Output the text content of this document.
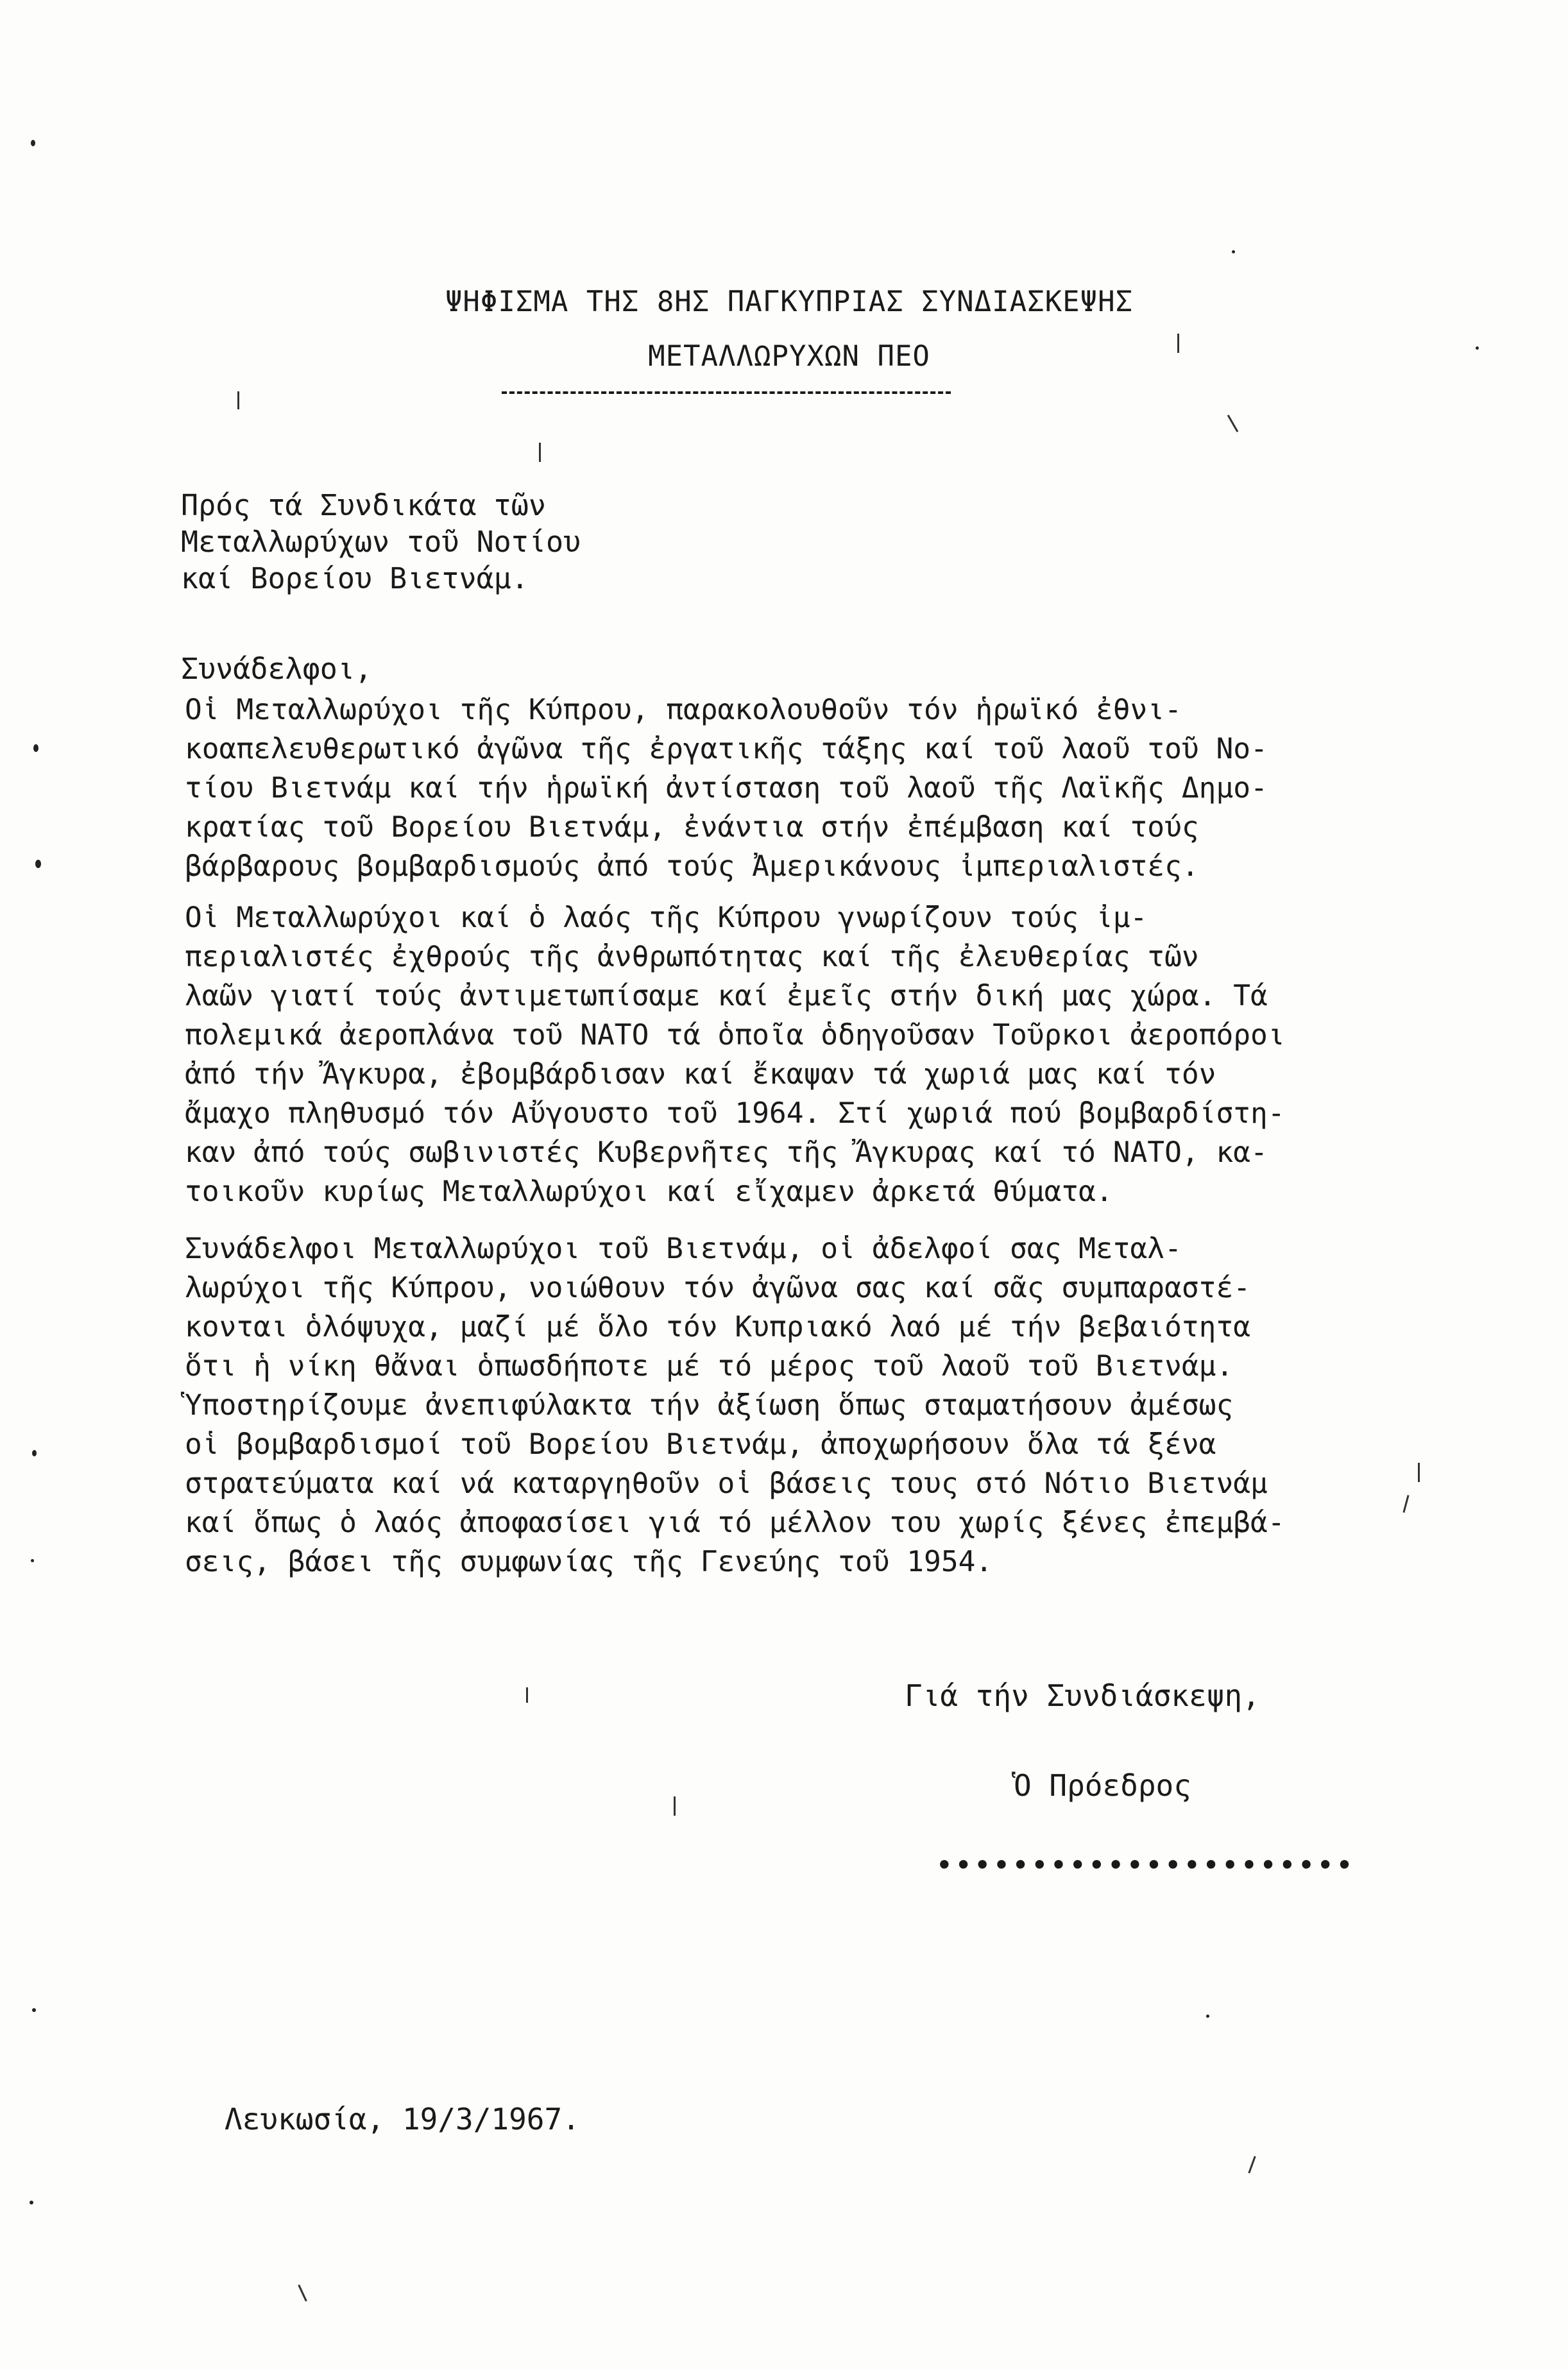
ΨΗΦΙΣΜΑ ΤΗΣ 8ΗΣ ΠΑΓΚΥΠΡΙΑΣ ΣΥΝΔΙΑΣΚΕΨΗΣ
ΜΕΤΑΛΛΩΡΥΧΩΝ ΠΕΟ
Πρός τά Συνδικάτα τῶν
Μεταλλωρύχων τοῦ Νοτίου
καί Βορείου Βιετνάμ.
Συνάδελφοι,
Οἱ Μεταλλωρύχοι τῆς Κύπρου, παρακολουθοῦν τόν ἡρωϊκό ἐθνι-
κοαπελευθερωτικό ἀγῶνα τῆς ἐργατικῆς τάξης καί τοῦ λαοῦ τοῦ Νο-
τίου Βιετνάμ καί τήν ἡρωϊκή ἀντίσταση τοῦ λαοῦ τῆς Λαϊκῆς Δημο-
κρατίας τοῦ Βορείου Βιετνάμ, ἐνάντια στήν ἐπέμβαση καί τούς
βάρβαρους βομβαρδισμούς ἀπό τούς Ἀμερικάνους ἰμπεριαλιστές.
Οἱ Μεταλλωρύχοι καί ὁ λαός τῆς Κύπρου γνωρίζουν τούς ἰμ-
περιαλιστές ἐχθρούς τῆς ἀνθρωπότητας καί τῆς ἐλευθερίας τῶν
λαῶν γιατί τούς ἀντιμετωπίσαμε καί ἐμεῖς στήν δική μας χώρα. Τά
πολεμικά ἀεροπλάνα τοῦ ΝΑΤΟ τά ὁποῖα ὁδηγοῦσαν Τοῦρκοι ἀεροπόροι
ἀπό τήν Ἄγκυρα, ἐβομβάρδισαν καί ἔκαψαν τά χωριά μας καί τόν
ἄμαχο πληθυσμό τόν Αὔγουστο τοῦ 1964. Στί χωριά πού βομβαρδίστη-
καν ἀπό τούς σωβινιστές Κυβερνῆτες τῆς Ἄγκυρας καί τό ΝΑΤΟ, κα-
τοικοῦν κυρίως Μεταλλωρύχοι καί εἴχαμεν ἀρκετά θύματα.
Συνάδελφοι Μεταλλωρύχοι τοῦ Βιετνάμ, οἱ ἀδελφοί σας Μεταλ-
λωρύχοι τῆς Κύπρου, νοιώθουν τόν ἀγῶνα σας καί σᾶς συμπαραστέ-
κονται ὁλόψυχα, μαζί μέ ὅλο τόν Κυπριακό λαό μέ τήν βεβαιότητα
ὅτι ἡ νίκη θἄναι ὁπωσδήποτε μέ τό μέρος τοῦ λαοῦ τοῦ Βιετνάμ.
Ὑποστηρίζουμε ἀνεπιφύλακτα τήν ἀξίωση ὅπως σταματήσουν ἀμέσως
οἱ βομβαρδισμοί τοῦ Βορείου Βιετνάμ, ἀποχωρήσουν ὅλα τά ξένα
στρατεύματα καί νά καταργηθοῦν οἱ βάσεις τους στό Νότιο Βιετνάμ
καί ὅπως ὁ λαός ἀποφασίσει γιά τό μέλλον του χωρίς ξένες ἐπεμβά-
σεις, βάσει τῆς συμφωνίας τῆς Γενεύης τοῦ 1954.
Γιά τήν Συνδιάσκεψη,
Ὁ Πρόεδρος
••••••••••••••••••••••
Λευκωσία, 19/3/1967.
